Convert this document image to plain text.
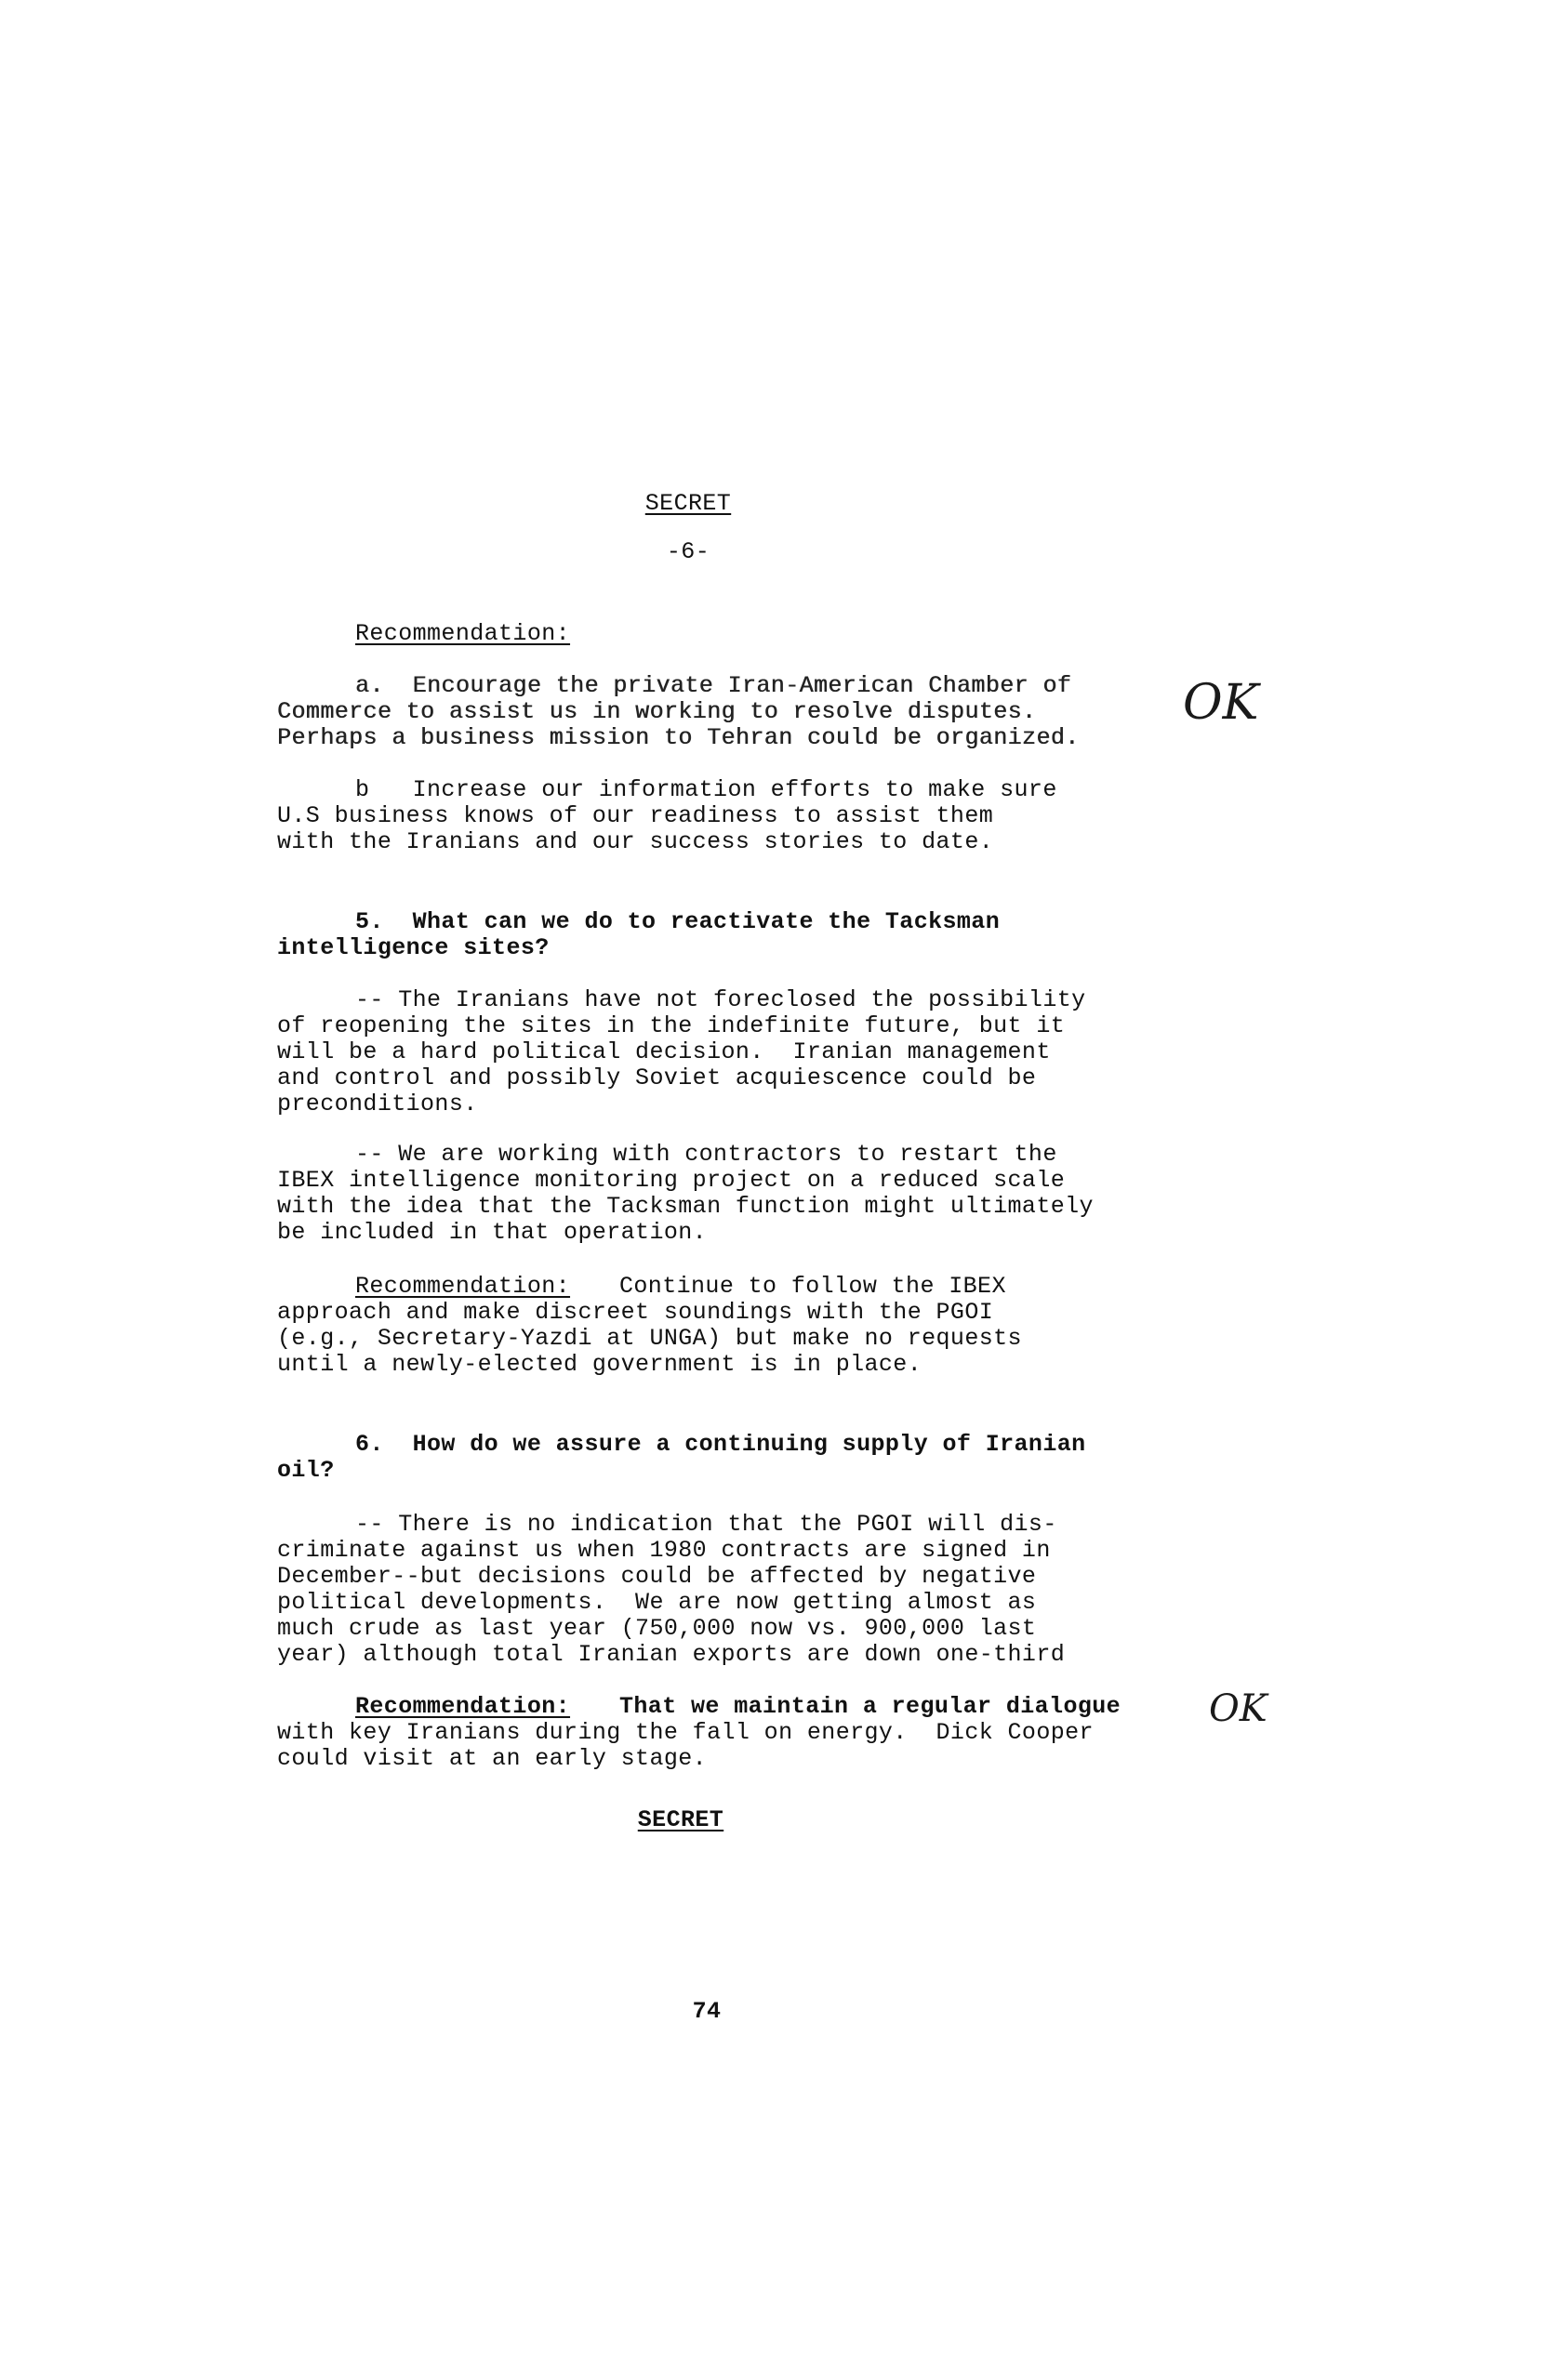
SECRET
-6-
Recommendation:
a.  Encourage the private Iran-American Chamber of
Commerce to assist us in working to resolve disputes.
Perhaps a business mission to Tehran could be organized.
OK
b   Increase our information efforts to make sure
U.S business knows of our readiness to assist them
with the Iranians and our success stories to date.
5.  What can we do to reactivate the Tacksman
intelligence sites?
-- The Iranians have not foreclosed the possibility
of reopening the sites in the indefinite future, but it
will be a hard political decision.  Iranian management
and control and possibly Soviet acquiescence could be
preconditions.
-- We are working with contractors to restart the
IBEX intelligence monitoring project on a reduced scale
with the idea that the Tacksman function might ultimately
be included in that operation.
Recommendation: Continue to follow the IBEX
approach and make discreet soundings with the PGOI
(e.g., Secretary-Yazdi at UNGA) but make no requests
until a newly-elected government is in place.
6.  How do we assure a continuing supply of Iranian
oil?
-- There is no indication that the PGOI will dis-
criminate against us when 1980 contracts are signed in
December--but decisions could be affected by negative
political developments.  We are now getting almost as
much crude as last year (750,000 now vs. 900,000 last
year) although total Iranian exports are down one-third
Recommendation: That we maintain a regular dialogue
with key Iranians during the fall on energy.  Dick Cooper
could visit at an early stage.
OK
SECRET
74
